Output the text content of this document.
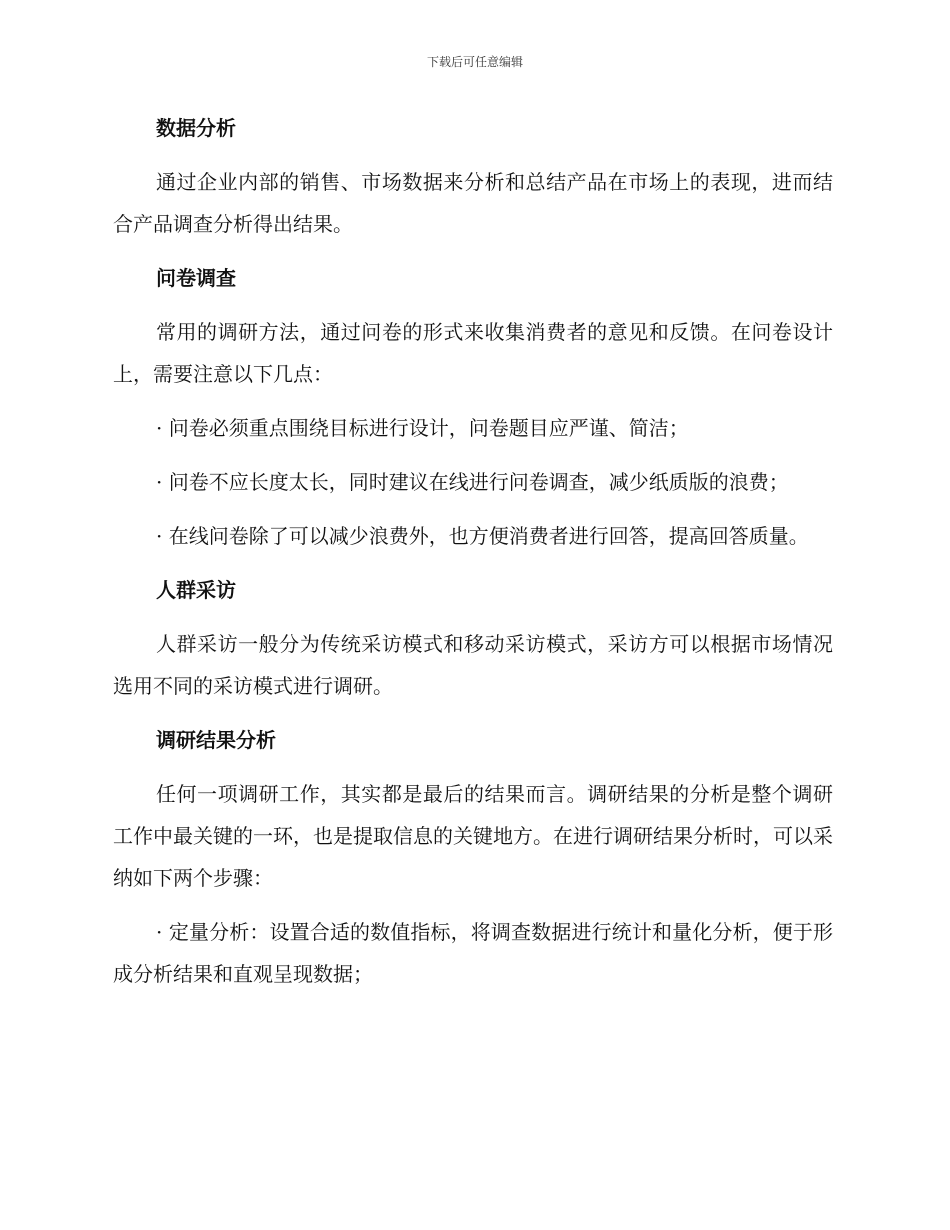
下载后可任意编辑
数据分析

通过企业内部的销售、市场数据来分析和总结产品在市场上的表现，进而结合产品调查分析得出结果。

问卷调查

常用的调研方法，通过问卷的形式来收集消费者的意见和反馈。在问卷设计上，需要注意以下几点：

· 问卷必须重点围绕目标进行设计，问卷题目应严谨、简洁；

· 问卷不应长度太长，同时建议在线进行问卷调查，减少纸质版的浪费；

· 在线问卷除了可以减少浪费外，也方便消费者进行回答，提高回答质量。

人群采访

人群采访一般分为传统采访模式和移动采访模式，采访方可以根据市场情况选用不同的采访模式进行调研。

调研结果分析

任何一项调研工作，其实都是最后的结果而言。调研结果的分析是整个调研工作中最关键的一环，也是提取信息的关键地方。在进行调研结果分析时，可以采纳如下两个步骤：

· 定量分析：设置合适的数值指标，将调查数据进行统计和量化分析，便于形成分析结果和直观呈现数据；
